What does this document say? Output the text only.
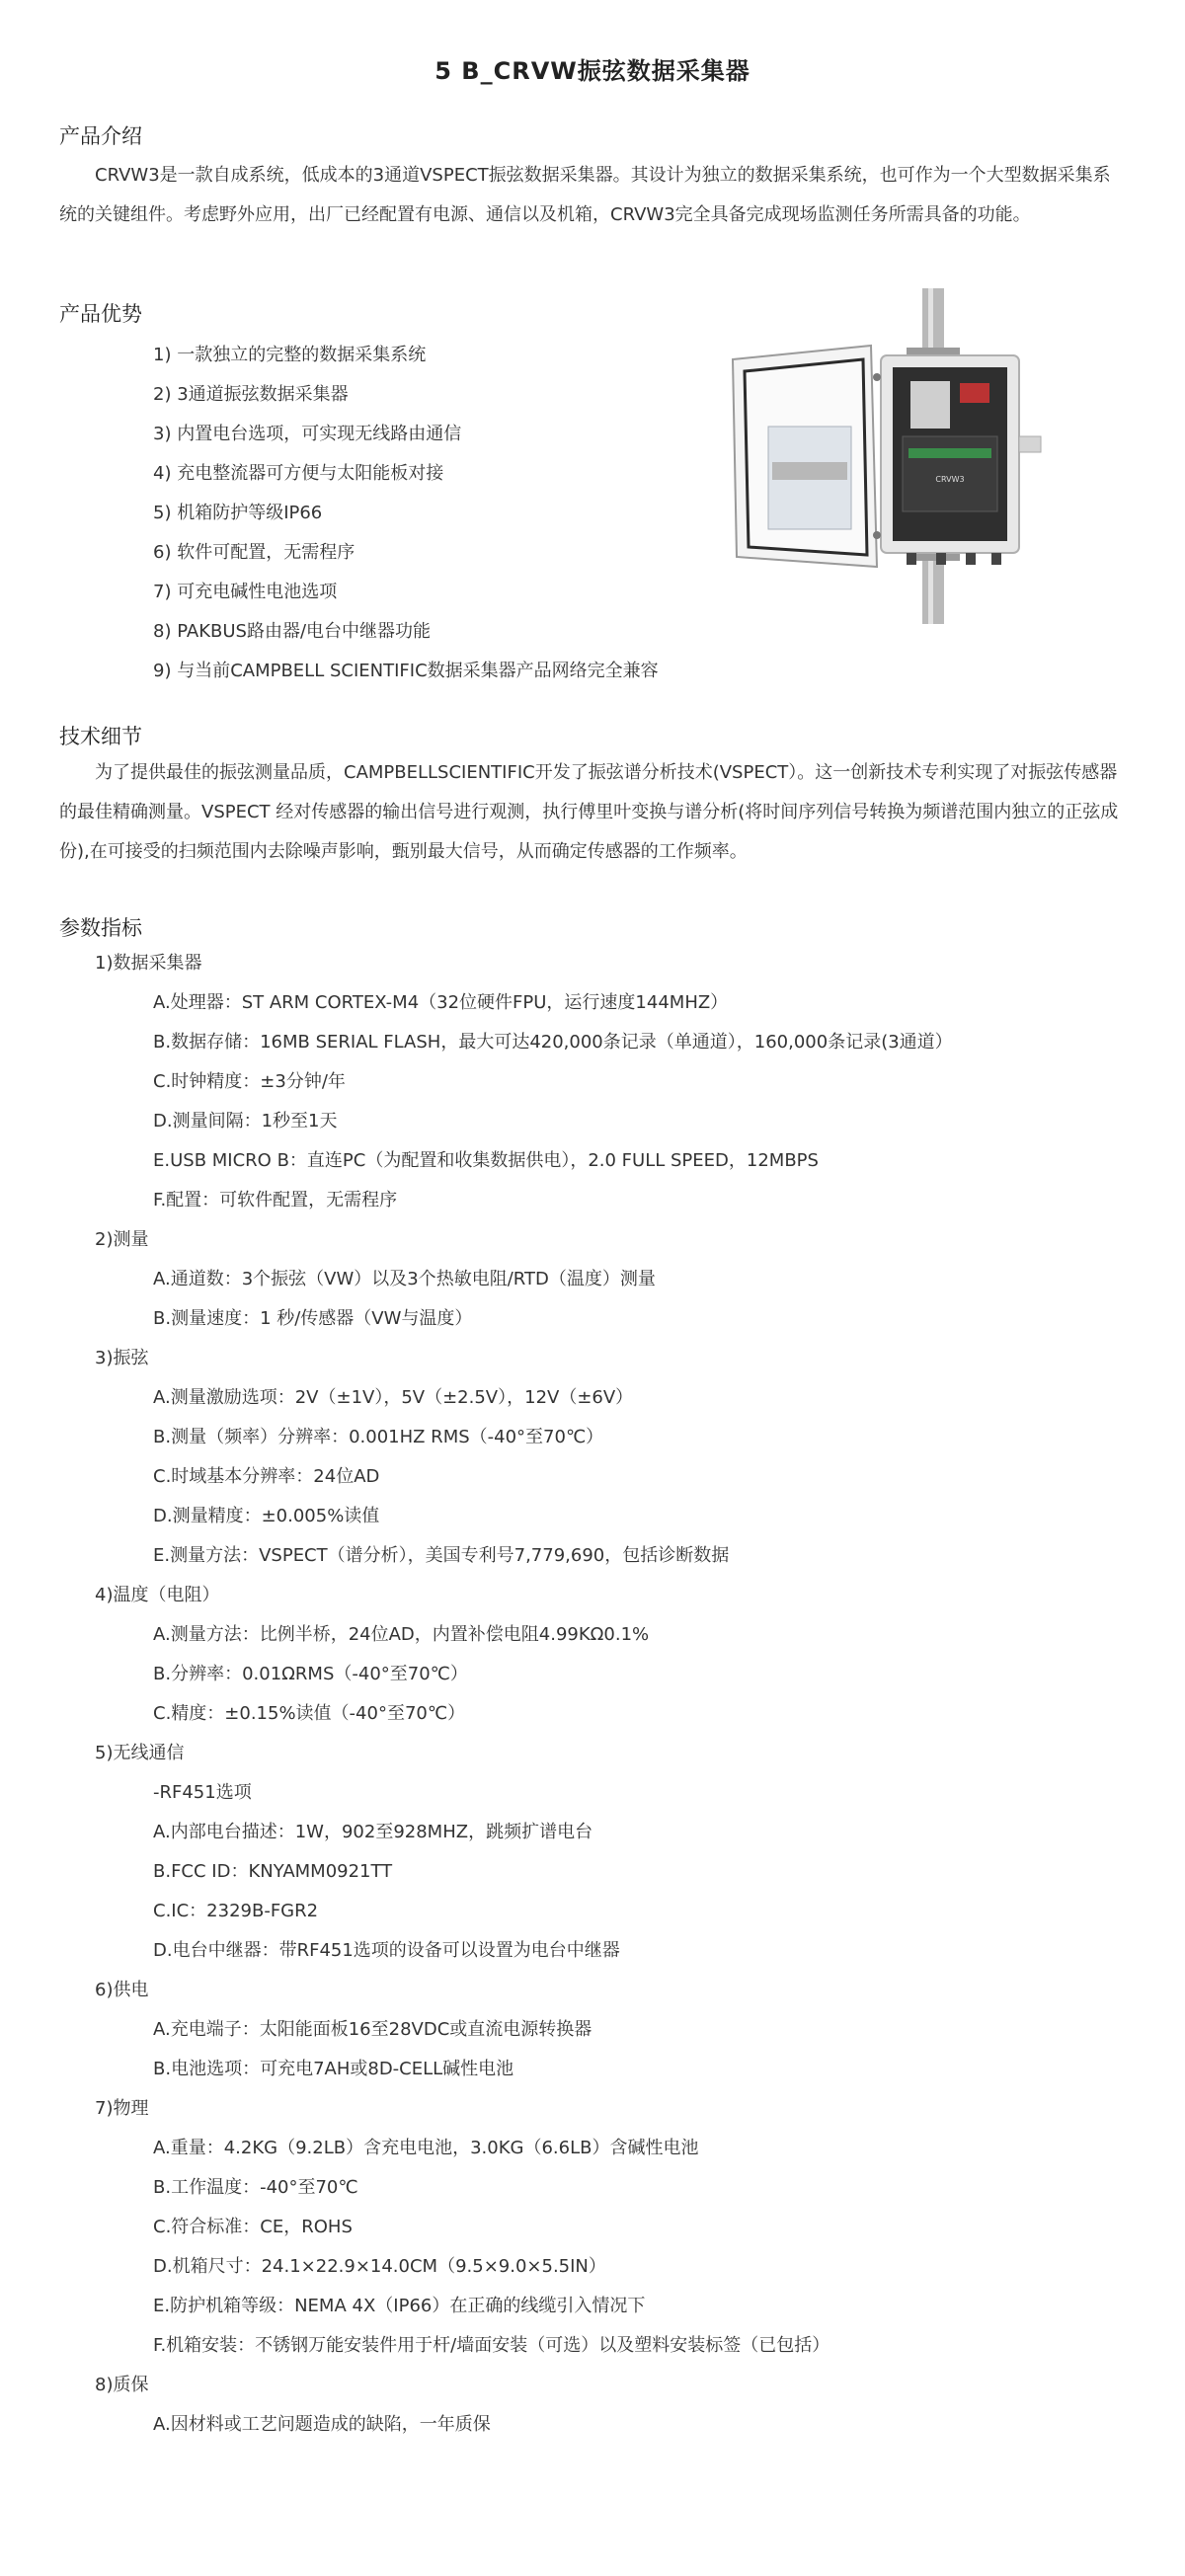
5 B_CRVW振弦数据采集器
产品介绍

CRVW3是一款自成系统，低成本的3通道VSPECT振弦数据采集器。其设计为独立的数据采集系统，也可作为一个大型数据采集系统的关键组件。考虑野外应用，出厂已经配置有电源、通信以及机箱，CRVW3完全具备完成现场监测任务所需具备的功能。

产品优势
1) 一款独立的完整的数据采集系统
2) 3通道振弦数据采集器
3) 内置电台选项，可实现无线路由通信
4) 充电整流器可方便与太阳能板对接
5) 机箱防护等级IP66
6) 软件可配置，无需程序
7) 可充电碱性电池选项
8) PAKBUS路由器/电台中继器功能
9) 与当前CAMPBELL SCIENTIFIC数据采集器产品网络完全兼容
CRVW3
技术细节

为了提供最佳的振弦测量品质，CAMPBELLSCIENTIFIC开发了振弦谱分析技术(VSPECT）。这一创新技术专利实现了对振弦传感器的最佳精确测量。VSPECT 经对传感器的输出信号进行观测，执行傅里叶变换与谱分析(将时间序列信号转换为频谱范围内独立的正弦成份),在可接受的扫频范围内去除噪声影响，甄别最大信号，从而确定传感器的工作频率。

参数指标
1)数据采集器
A.处理器：ST ARM CORTEX-M4（32位硬件FPU，运行速度144MHZ）
B.数据存储：16MB SERIAL FLASH，最大可达420,000条记录（单通道），160,000条记录(3通道）
C.时钟精度：±3分钟/年
D.测量间隔：1秒至1天
E.USB MICRO B：直连PC（为配置和收集数据供电），2.0 FULL SPEED，12MBPS
F.配置：可软件配置，无需程序
2)测量
A.通道数：3个振弦（VW）以及3个热敏电阻/RTD（温度）测量
B.测量速度：1 秒/传感器（VW与温度）
3)振弦
A.测量激励选项：2V（±1V），5V（±2.5V），12V（±6V）
B.测量（频率）分辨率：0.001HZ RMS（-40°至70℃）
C.时域基本分辨率：24位AD
D.测量精度：±0.005%读值
E.测量方法：VSPECT（谱分析），美国专利号7,779,690，包括诊断数据
4)温度（电阻）
A.测量方法：比例半桥，24位AD，内置补偿电阻4.99KΩ0.1%
B.分辨率：0.01ΩRMS（-40°至70℃）
C.精度：±0.15%读值（-40°至70℃）
5)无线通信
-RF451选项
A.内部电台描述：1W，902至928MHZ，跳频扩谱电台
B.FCC ID：KNYAMM0921TT
C.IC：2329B-FGR2
D.电台中继器：带RF451选项的设备可以设置为电台中继器
6)供电
A.充电端子：太阳能面板16至28VDC或直流电源转换器
B.电池选项：可充电7AH或8D-CELL碱性电池
7)物理
A.重量：4.2KG（9.2LB）含充电电池，3.0KG（6.6LB）含碱性电池
B.工作温度：-40°至70℃
C.符合标准：CE，ROHS
D.机箱尺寸：24.1×22.9×14.0CM（9.5×9.0×5.5IN）
E.防护机箱等级：NEMA 4X（IP66）在正确的线缆引入情况下
F.机箱安装：不锈钢万能安装件用于杆/墙面安装（可选）以及塑料安装标签（已包括）
8)质保
A.因材料或工艺问题造成的缺陷，一年质保
